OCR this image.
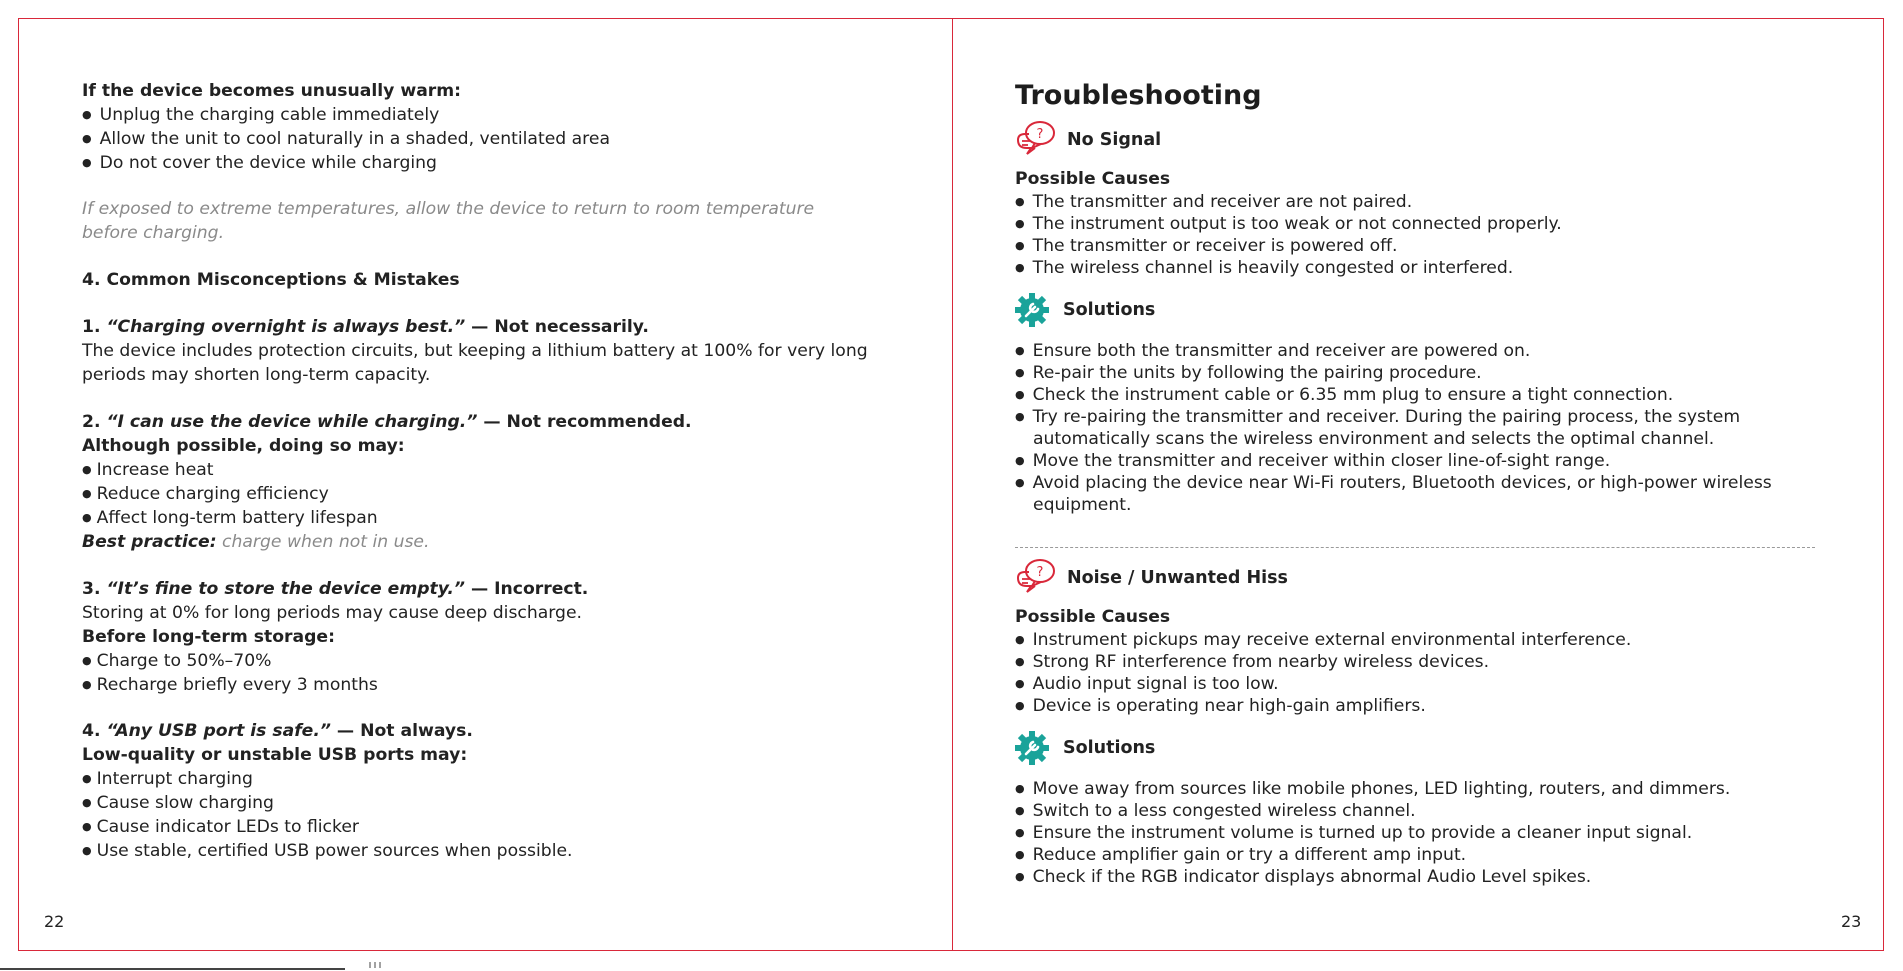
If the device becomes unusually warm:
● Unplug the charging cable immediately
● Allow the unit to cool naturally in a shaded, ventilated area
● Do not cover the device while charging
If exposed to extreme temperatures, allow the device to return to room temperature
before charging.
4. Common Misconceptions & Mistakes
1. “Charging overnight is always best.” — Not necessarily.
The device includes protection circuits, but keeping a lithium battery at 100% for very long
periods may shorten long-term capacity.
2. “I can use the device while charging.” — Not recommended.
Although possible, doing so may:
● Increase heat
● Reduce charging efficiency
● Affect long-term battery lifespan
Best practice: charge when not in use.
3. “It’s fine to store the device empty.” — Incorrect.
Storing at 0% for long periods may cause deep discharge.
Before long-term storage:
● Charge to 50%–70%
● Recharge briefly every 3 months
4. “Any USB port is safe.” — Not always.
Low-quality or unstable USB ports may:
● Interrupt charging
● Cause slow charging
● Cause indicator LEDs to flicker
● Use stable, certified USB power sources when possible.
22
Troubleshooting
? No Signal
Possible Causes
● The transmitter and receiver are not paired.
● The instrument output is too weak or not connected properly.
● The transmitter or receiver is powered off.
● The wireless channel is heavily congested or interfered.
Solutions
● Ensure both the transmitter and receiver are powered on.
● Re-pair the units by following the pairing procedure.
● Check the instrument cable or 6.35 mm plug to ensure a tight connection.
● Try re-pairing the transmitter and receiver. During the pairing process, the system
automatically scans the wireless environment and selects the optimal channel.
● Move the transmitter and receiver within closer line-of-sight range.
● Avoid placing the device near Wi-Fi routers, Bluetooth devices, or high-power wireless
equipment.
? Noise / Unwanted Hiss
Possible Causes
● Instrument pickups may receive external environmental interference.
● Strong RF interference from nearby wireless devices.
● Audio input signal is too low.
● Device is operating near high-gain amplifiers.
Solutions
● Move away from sources like mobile phones, LED lighting, routers, and dimmers.
● Switch to a less congested wireless channel.
● Ensure the instrument volume is turned up to provide a cleaner input signal.
● Reduce amplifier gain or try a different amp input.
● Check if the RGB indicator displays abnormal Audio Level spikes.
23
